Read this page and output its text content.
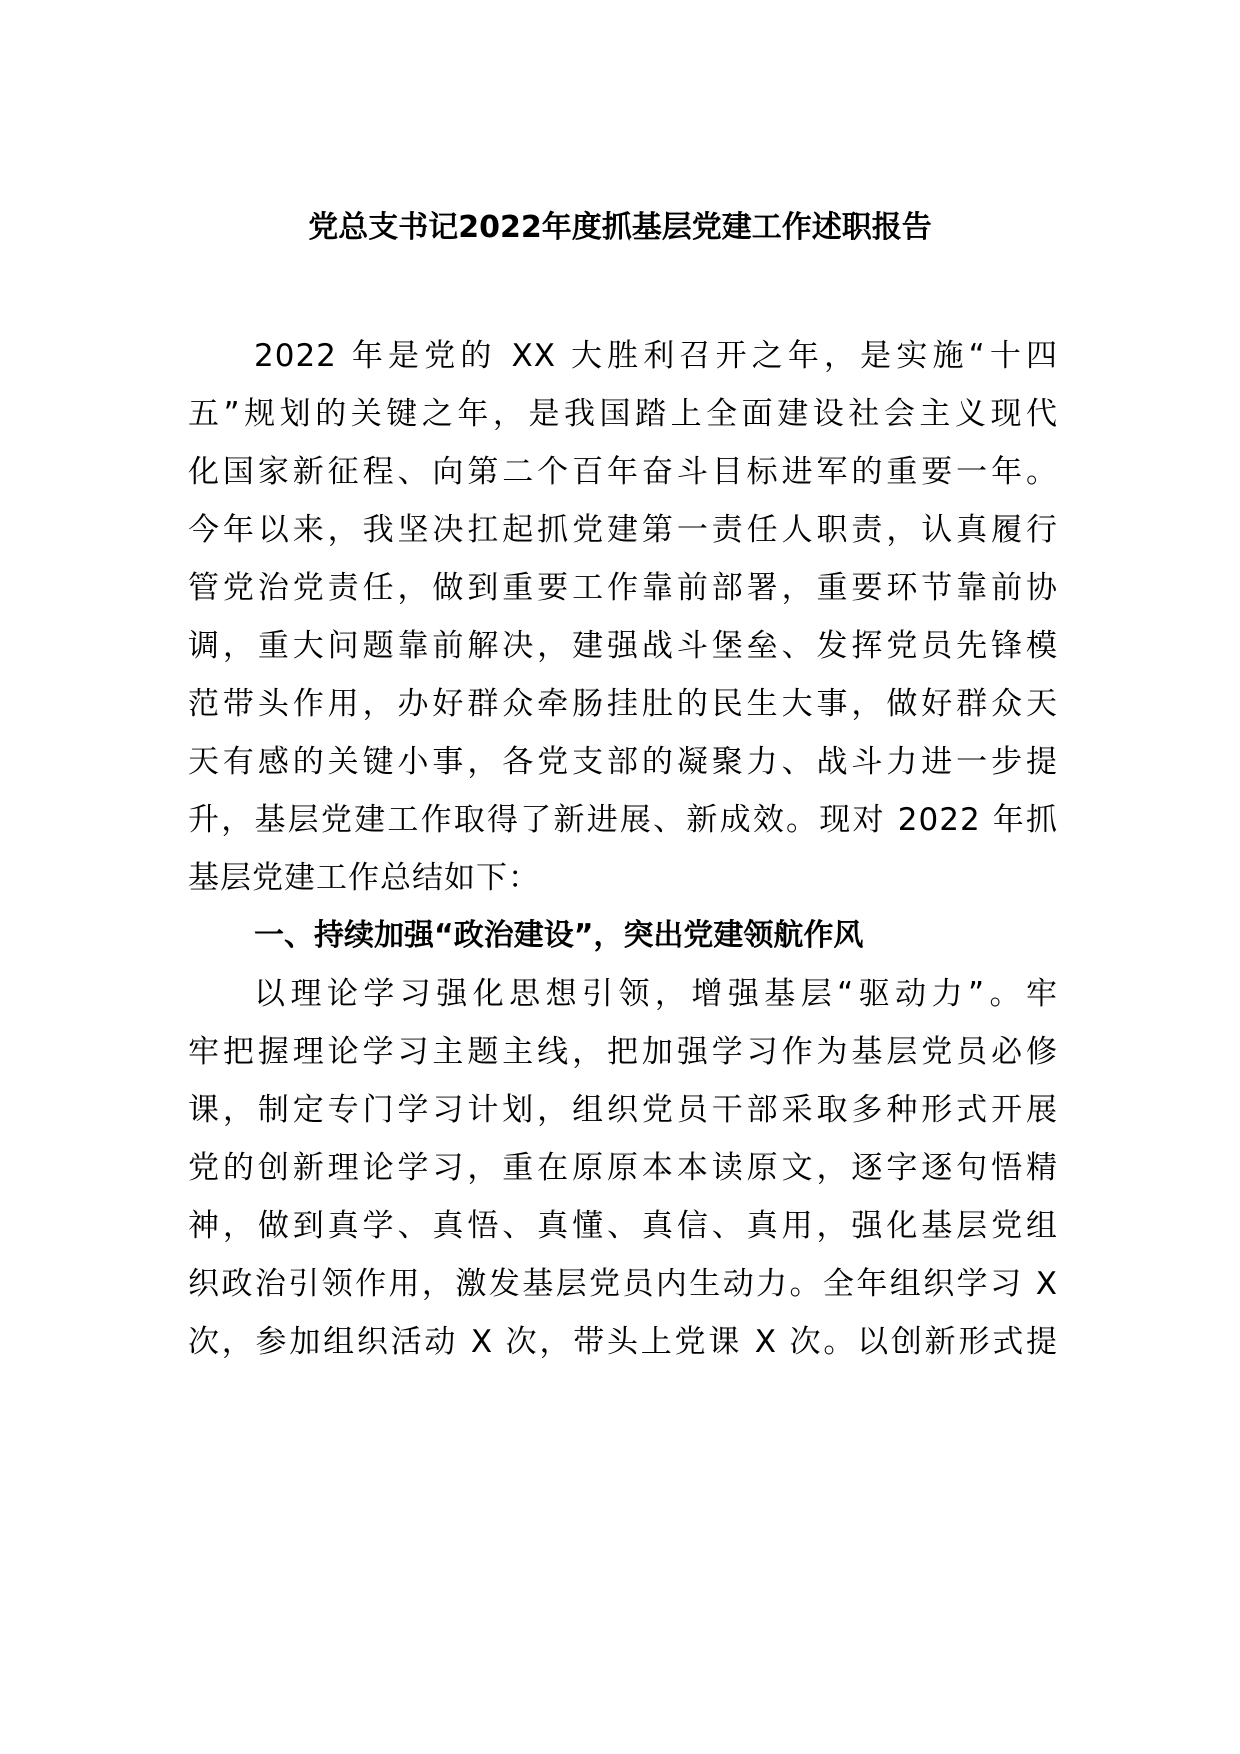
党总支书记2022年度抓基层党建工作述职报告
2022 年是党的 XX 大胜利召开之年，是实施“十四
五”规划的关键之年，是我国踏上全面建设社会主义现代
化国家新征程、向第二个百年奋斗目标进军的重要一年。
今年以来，我坚决扛起抓党建第一责任人职责，认真履行
管党治党责任，做到重要工作靠前部署，重要环节靠前协
调，重大问题靠前解决，建强战斗堡垒、发挥党员先锋模
范带头作用，办好群众牵肠挂肚的民生大事，做好群众天
天有感的关键小事，各党支部的凝聚力、战斗力进一步提
升，基层党建工作取得了新进展、新成效。现对 2022 年抓
基层党建工作总结如下：
一、持续加强“政治建设”，突出党建领航作风
以理论学习强化思想引领，增强基层“驱动力”。牢
牢把握理论学习主题主线，把加强学习作为基层党员必修
课，制定专门学习计划，组织党员干部采取多种形式开展
党的创新理论学习，重在原原本本读原文，逐字逐句悟精
神，做到真学、真悟、真懂、真信、真用，强化基层党组
织政治引领作用，激发基层党员内生动力。全年组织学习 X
次，参加组织活动 X 次，带头上党课 X 次。以创新形式提
